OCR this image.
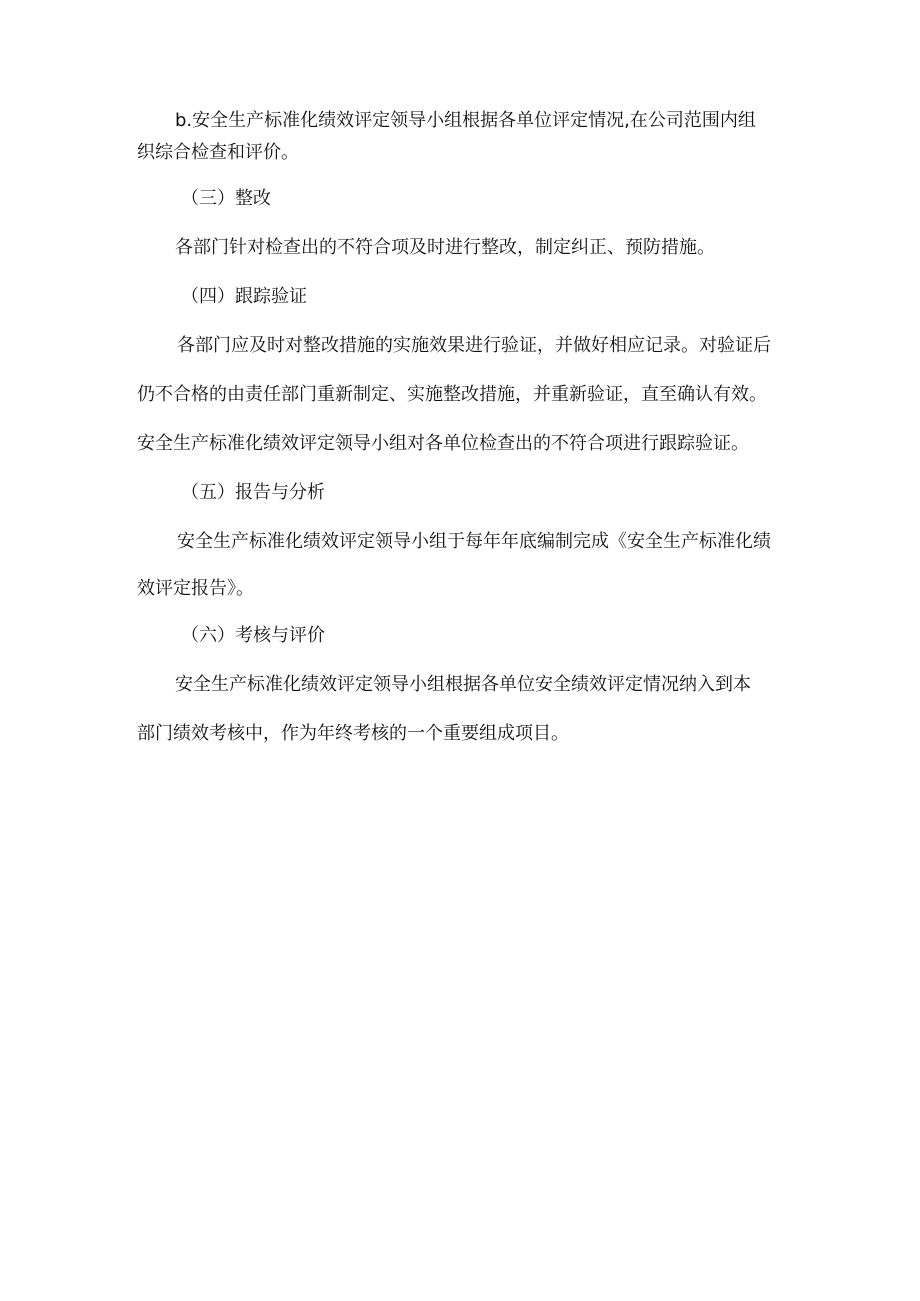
b.安全生产标准化绩效评定领导小组根据各单位评定情况,在公司范围内组
织综合检查和评价。
（三）整改
各部门针对检查出的不符合项及时进行整改，制定纠正、预防措施。
（四）跟踪验证
各部门应及时对整改措施的实施效果进行验证，并做好相应记录。对验证后
仍不合格的由责任部门重新制定、实施整改措施，并重新验证，直至确认有效。
安全生产标准化绩效评定领导小组对各单位检查出的不符合项进行跟踪验证。
（五）报告与分析
安全生产标准化绩效评定领导小组于每年年底编制完成《安全生产标准化绩
效评定报告》。
（六）考核与评价
安全生产标准化绩效评定领导小组根据各单位安全绩效评定情况纳入到本
部门绩效考核中，作为年终考核的一个重要组成项目。
